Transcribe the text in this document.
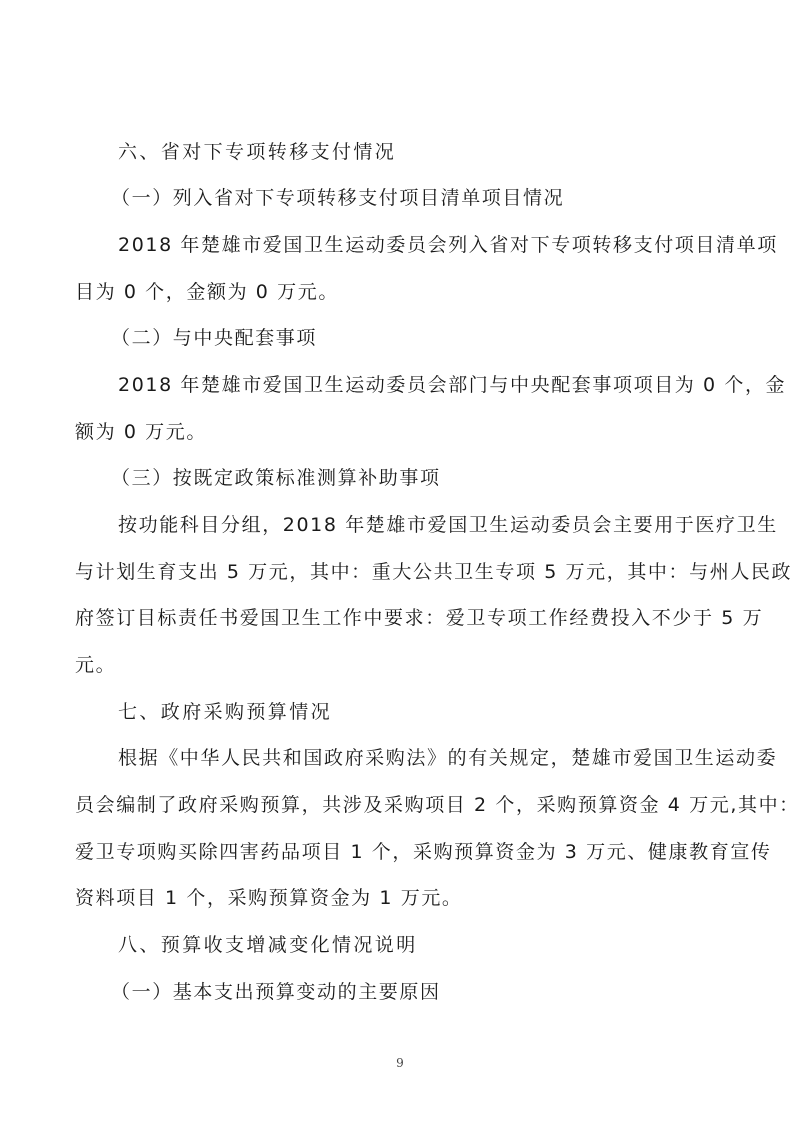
六、省对下专项转移支付情况
（一）列入省对下专项转移支付项目清单项目情况
2018 年楚雄市爱国卫生运动委员会列入省对下专项转移支付项目清单项
目为 0 个，金额为 0 万元。
（二）与中央配套事项
2018 年楚雄市爱国卫生运动委员会部门与中央配套事项项目为 0 个，金
额为 0 万元。
（三）按既定政策标准测算补助事项
按功能科目分组，2018 年楚雄市爱国卫生运动委员会主要用于医疗卫生
与计划生育支出 5 万元，其中：重大公共卫生专项 5 万元，其中：与州人民政
府签订目标责任书爱国卫生工作中要求：爱卫专项工作经费投入不少于 5 万
元。
七、政府采购预算情况
根据《中华人民共和国政府采购法》的有关规定，楚雄市爱国卫生运动委
员会编制了政府采购预算，共涉及采购项目 2 个，采购预算资金 4 万元,其中：
爱卫专项购买除四害药品项目 1 个，采购预算资金为 3 万元、健康教育宣传
资料项目 1 个，采购预算资金为 1 万元。
八、预算收支增减变化情况说明
（一）基本支出预算变动的主要原因
9
